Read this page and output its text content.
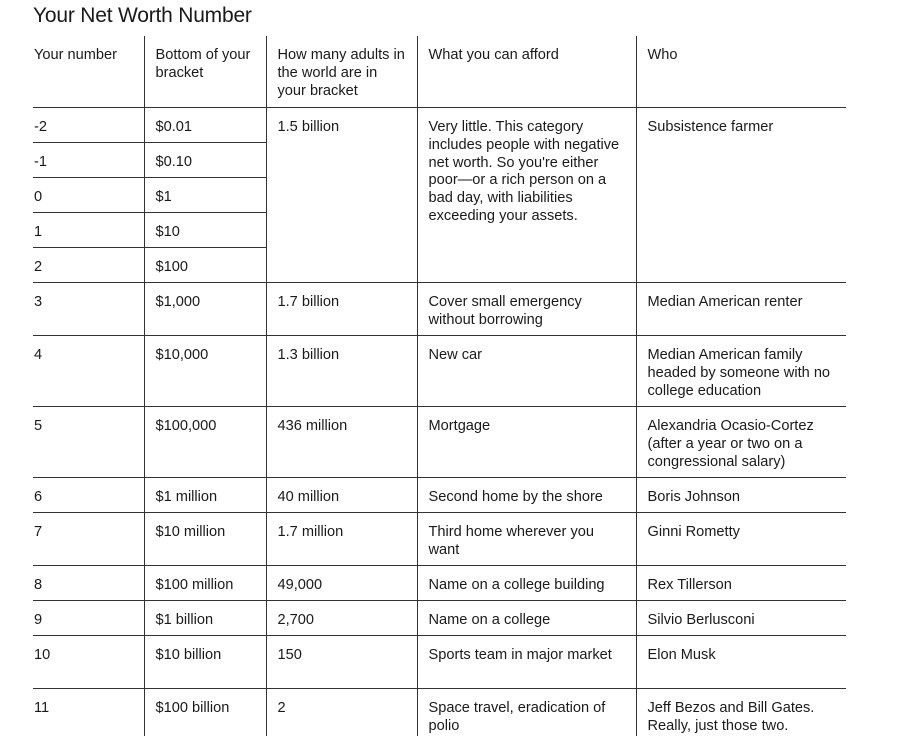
Your Net Worth Number
Your number	Bottom of your bracket	How many adults in the world are in your bracket	What you can afford	Who
-2	$0.01	1.5 billion	Very little. This category includes people with negative net worth. So you're either poor—or a rich person on a bad day, with liabilities exceeding your assets.	Subsistence farmer
-1	$0.10			
0	$1			
1	$10			
2	$100			
3	$1,000	1.7 billion	Cover small emergency without borrowing	Median American renter
4	$10,000	1.3 billion	New car	Median American family headed by someone with no college education
5	$100,000	436 million	Mortgage	Alexandria Ocasio-Cortez (after a year or two on a congressional salary)
6	$1 million	40 million	Second home by the shore	Boris Johnson
7	$10 million	1.7 million	Third home wherever you want	Ginni Rometty
8	$100 million	49,000	Name on a college building	Rex Tillerson
9	$1 billion	2,700	Name on a college	Silvio Berlusconi
10	$10 billion	150	Sports team in major market	Elon Musk
11	$100 billion	2	Space travel, eradication of polio	Jeff Bezos and Bill Gates. Really, just those two.
